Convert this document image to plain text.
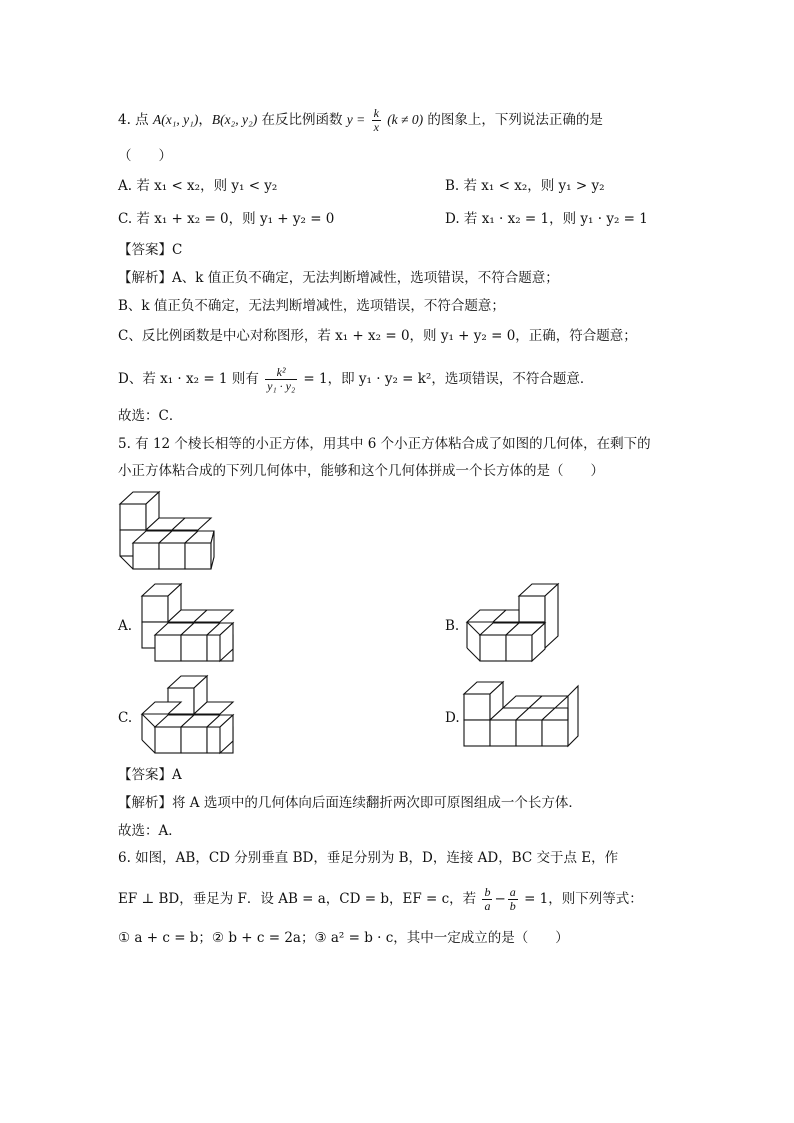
4. 点 A(x₁, y₁)，B(x₂, y₂) 在反比例函数 $y = \frac{k}{x} (k \ne 0)$ 的图象上，下列说法正确的是
（　　）
A. 若 x₁ < x₂，则 y₁ < y₂	B. 若 x₁ < x₂，则 y₁ > y₂
C. 若 x₁ + x₂ = 0，则 y₁ + y₂ = 0	D. 若 x₁ · x₂ = 1，则 y₁ · y₂ = 1
【答案】C
【解析】A、k 值正负不确定，无法判断增减性，选项错误，不符合题意；
B、k 值正负不确定，无法判断增减性，选项错误，不符合题意；
C、反比例函数是中心对称图形，若 x₁ + x₂ = 0，则 y₁ + y₂ = 0，正确，符合题意；
D、若 x₁ · x₂ = 1 则有 $\frac{\text{k²}}{\text{y₁ · y₂}} = 1$，即 y₁ · y₂ = k²，选项错误，不符合题意．
故选：C．
5. 有 12 个棱长相等的小正方体，用其中 6 个小正方体粘合成了如图的几何体，在剩下的
小正方体粘合成的下列几何体中，能够和这个几何体拼成一个长方体的是（　　）
A.	B.
C.	D.
【答案】A
【解析】将 A 选项中的几何体向后面连续翻折两次即可原图组成一个长方体．
故选：A．
6. 如图，AB，CD 分别垂直 BD，垂足分别为 B，D，连接 AD，BC 交于点 E，作
EF ⊥ BD，垂足为 F．设 AB = a，CD = b，EF = c，若 $\frac{b}{a} - \frac{a}{b} = 1$，则下列等式：
① a + c = b；② b + c = 2a；③ a² = b · c，其中一定成立的是（　　）
